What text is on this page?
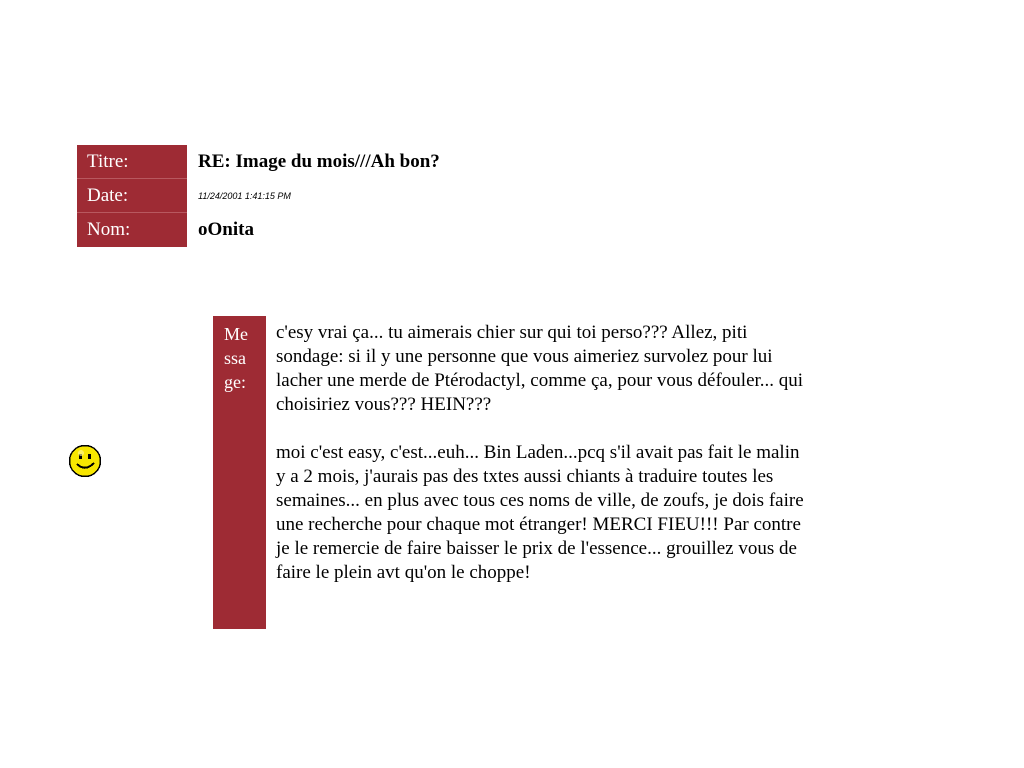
Titre:	RE: Image du mois///Ah bon?
Date:	11/24/2001 1:41:15 PM
Nom:	oOnita
Me
ssa
ge:

c'esy vrai ça... tu aimerais chier sur qui toi perso??? Allez, piti sondage: si il y une personne que vous aimeriez survolez pour lui lacher une merde de Ptérodactyl, comme ça, pour vous défouler... qui choisiriez vous??? HEIN???

moi c'est easy, c'est...euh... Bin Laden...pcq s'il avait pas fait le malin y a 2 mois, j'aurais pas des txtes aussi chiants à traduire toutes les semaines... en plus avec tous ces noms de ville, de zoufs, je dois faire une recherche pour chaque mot étranger! MERCI FIEU!!! Par contre je le remercie de faire baisser le prix de l'essence... grouillez vous de faire le plein avt qu'on le choppe!
